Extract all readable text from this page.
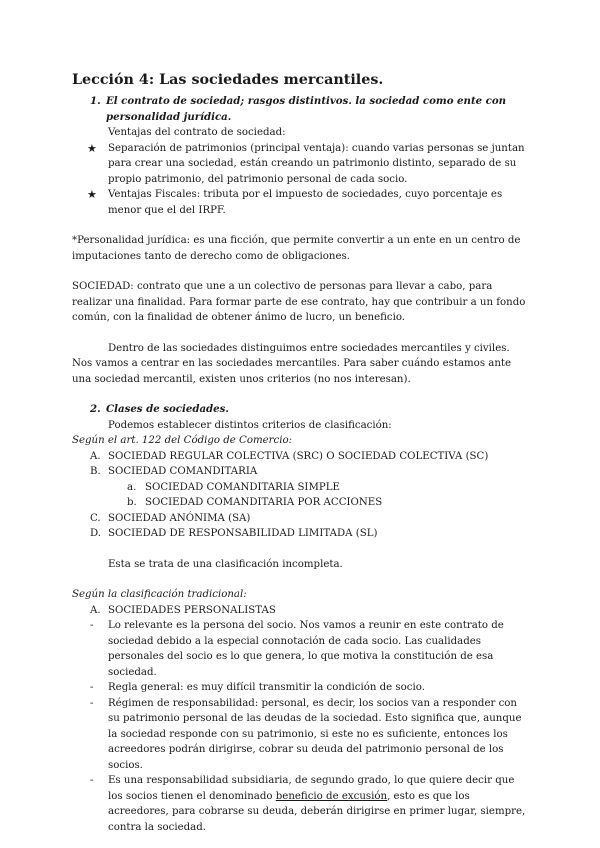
Lección 4: Las sociedades mercantiles.
1. El contrato de sociedad; rasgos distintivos. la sociedad como ente con personalidad jurídica.
Ventajas del contrato de sociedad:
★	Separación de patrimonios (principal ventaja): cuando varias personas se juntan para crear una sociedad, están creando un patrimonio distinto, separado de su propio patrimonio, del patrimonio personal de cada socio.
★	Ventajas Fiscales: tributa por el impuesto de sociedades, cuyo porcentaje es menor que el del IRPF.

*Personalidad jurídica: es una ficción, que permite convertir a un ente en un centro de imputaciones tanto de derecho como de obligaciones.

SOCIEDAD: contrato que une a un colectivo de personas para llevar a cabo, para realizar una finalidad. Para formar parte de ese contrato, hay que contribuir a un fondo común, con la finalidad de obtener ánimo de lucro, un beneficio.

Dentro de las sociedades distinguimos entre sociedades mercantiles y civiles. Nos vamos a centrar en las sociedades mercantiles. Para saber cuándo estamos ante una sociedad mercantil, existen unos criterios (no nos interesan).

2. Clases de sociedades.
Podemos establecer distintos criterios de clasificación:
Según el art. 122 del Código de Comercio:
A. SOCIEDAD REGULAR COLECTIVA (SRC) O SOCIEDAD COLECTIVA (SC)
B. SOCIEDAD COMANDITARIA
a. SOCIEDAD COMANDITARIA SIMPLE
b. SOCIEDAD COMANDITARIA POR ACCIONES
C. SOCIEDAD ANÓNIMA (SA)
D. SOCIEDAD DE RESPONSABILIDAD LIMITADA (SL)
Esta se trata de una clasificación incompleta.
Según la clasificación tradicional:
A. SOCIEDADES PERSONALISTAS
-	Lo relevante es la persona del socio. Nos vamos a reunir en este contrato de sociedad debido a la especial connotación de cada socio. Las cualidades personales del socio es lo que genera, lo que motiva la constitución de esa sociedad.
-	Regla general: es muy difícil transmitir la condición de socio.
-	Régimen de responsabilidad: personal, es decir, los socios van a responder con su patrimonio personal de las deudas de la sociedad. Esto significa que, aunque la sociedad responde con su patrimonio, si este no es suficiente, entonces los acreedores podrán dirigirse, cobrar su deuda del patrimonio personal de los socios.
-	Es una responsabilidad subsidiaria, de segundo grado, lo que quiere decir que los socios tienen el denominado beneficio de excusión, esto es que los acreedores, para cobrarse su deuda, deberán dirigirse en primer lugar, siempre, contra la sociedad.
